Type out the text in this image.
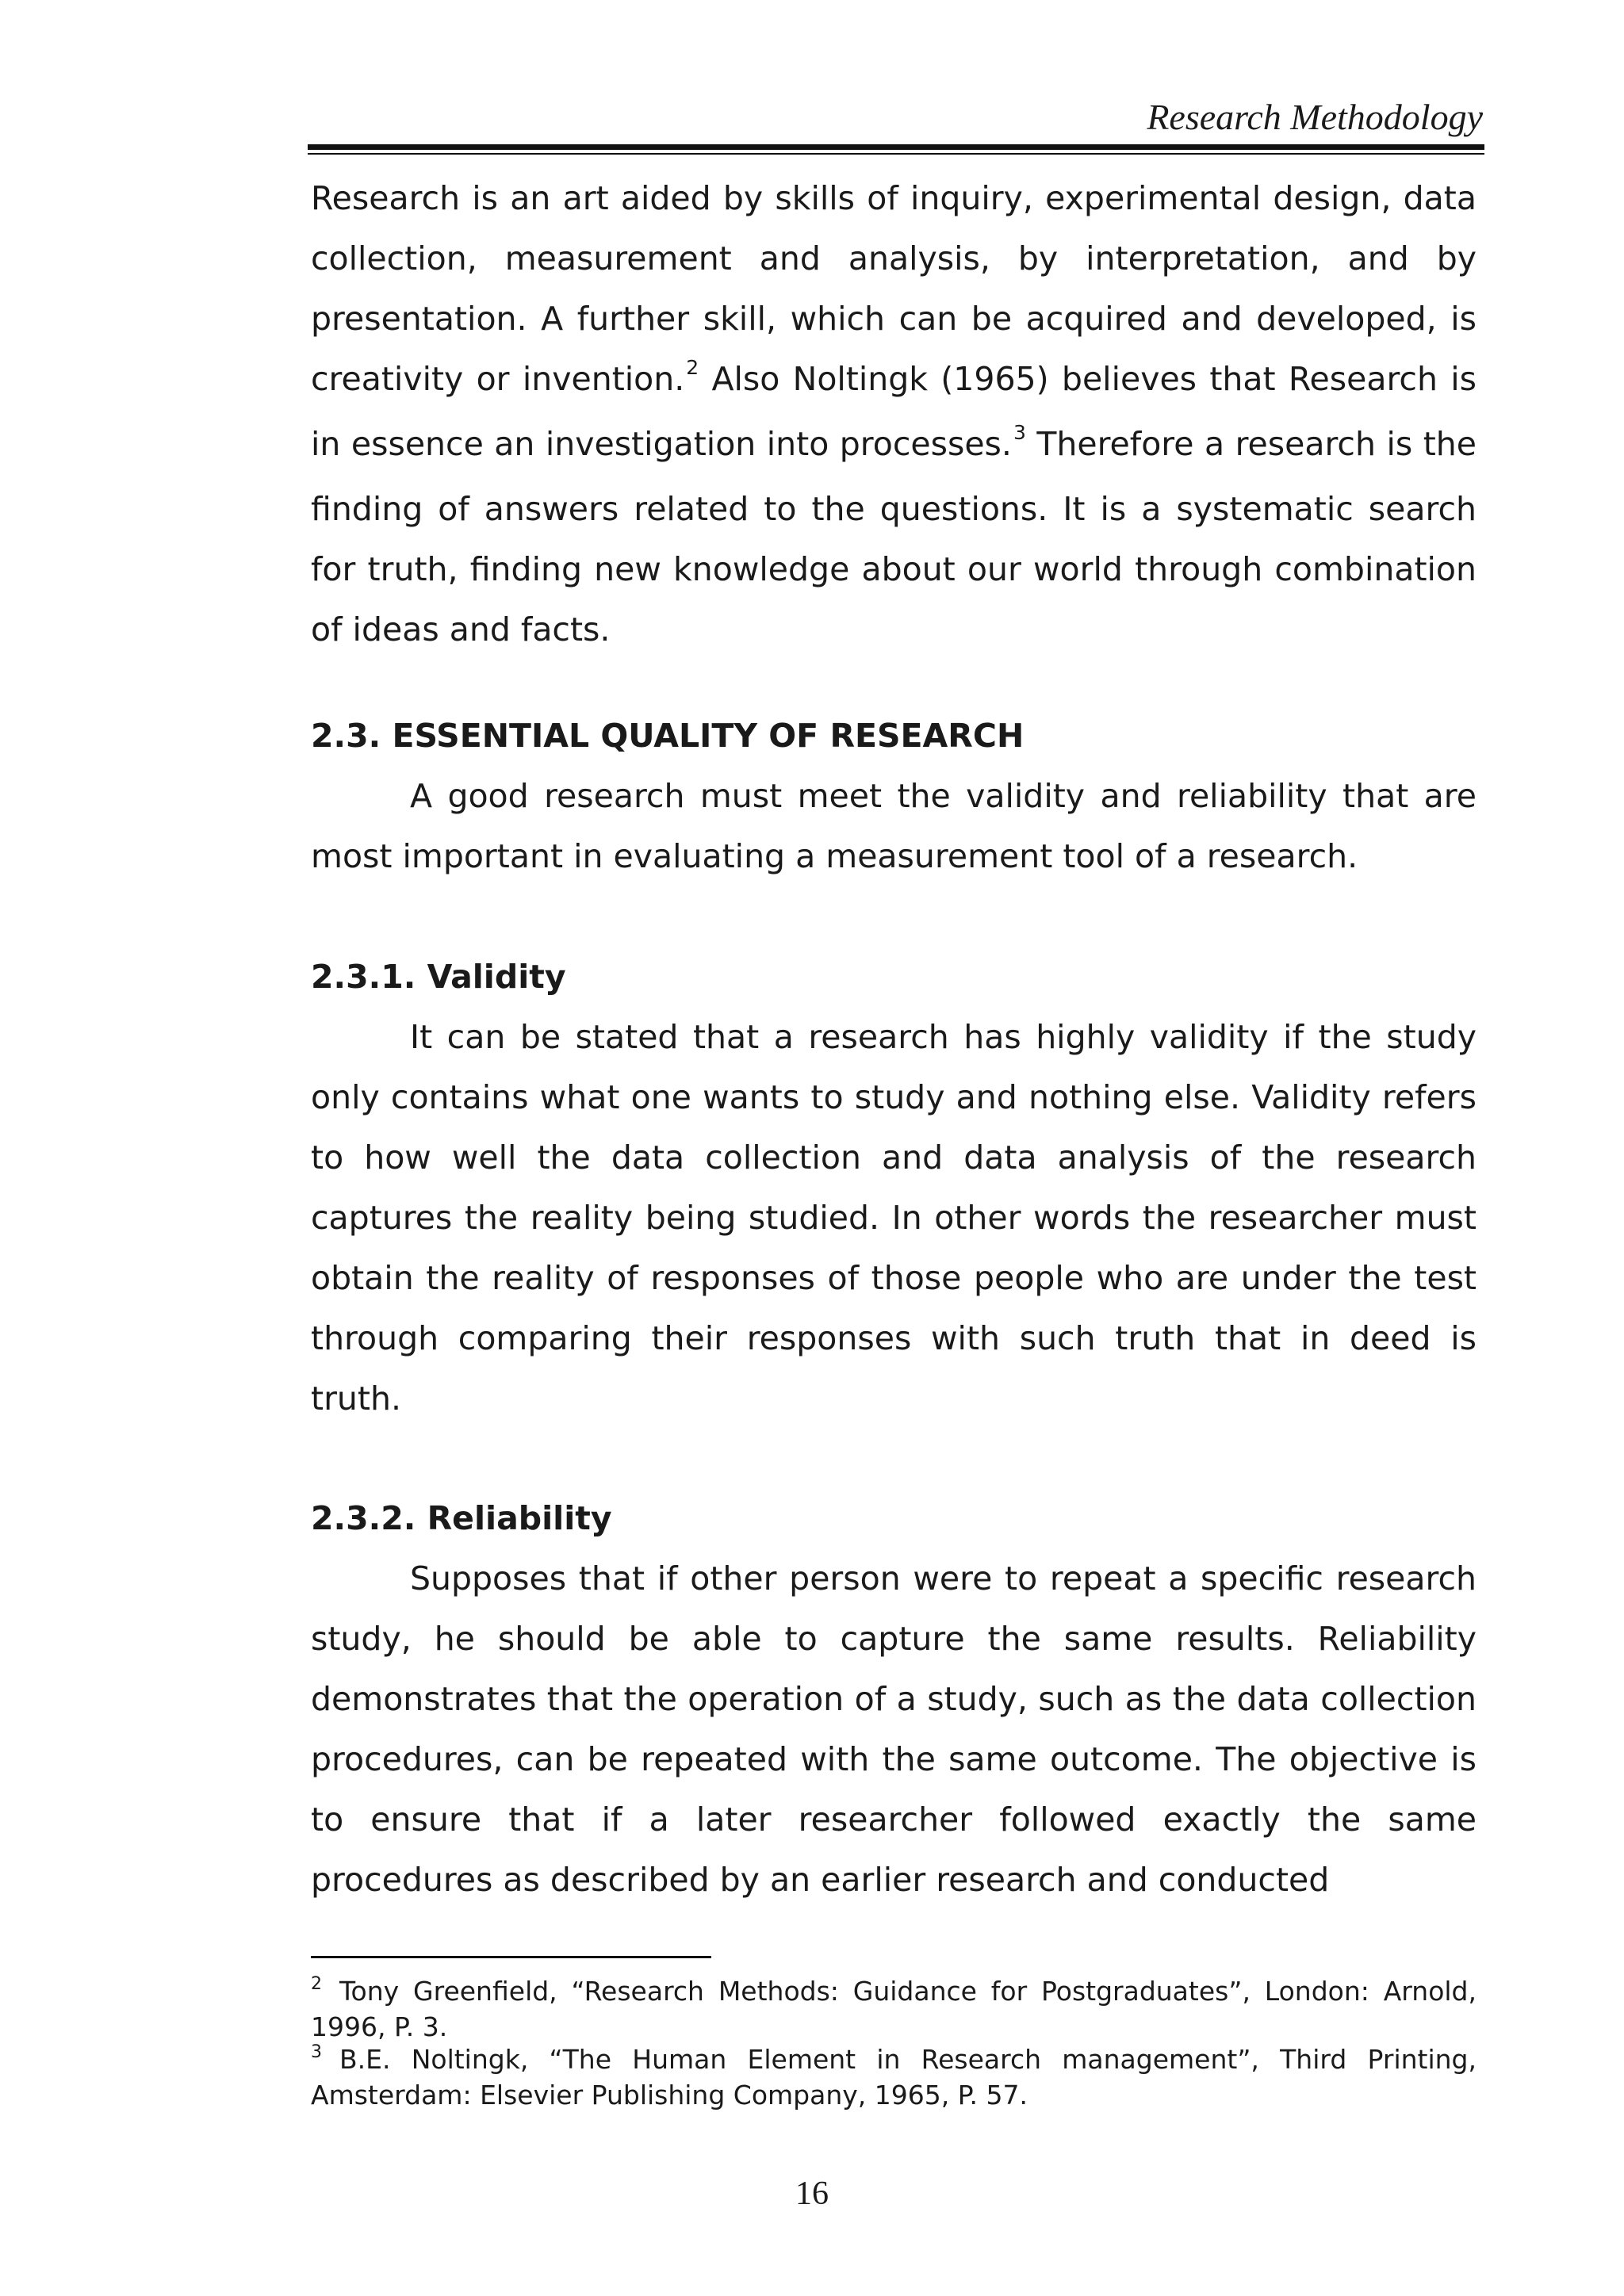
Research Methodology

Research is an art aided by skills of inquiry, experimental design, data collection, measurement and analysis, by interpretation, and by presentation. A further skill, which can be acquired and developed, is creativity or invention.$^2$ Also Noltingk (1965) believes that Research is in essence an investigation into processes.$^3$ Therefore a research is the finding of answers related to the questions. It is a systematic search for truth, finding new knowledge about our world through combination of ideas and facts.

2.3. ESSENTIAL QUALITY OF RESEARCH

A good research must meet the validity and reliability that are most important in evaluating a measurement tool of a research.

2.3.1. Validity

It can be stated that a research has highly validity if the study only contains what one wants to study and nothing else. Validity refers to how well the data collection and data analysis of the research captures the reality being studied. In other words the researcher must obtain the reality of responses of those people who are under the test through comparing their responses with such truth that in deed is truth.

2.3.2. Reliability

Supposes that if other person were to repeat a specific research study, he should be able to capture the same results. Reliability demonstrates that the operation of a study, such as the data collection procedures, can be repeated with the same outcome. The objective is to ensure that if a later researcher followed exactly the same procedures as described by an earlier research and conducted

$^2$ Tony Greenfield, “Research Methods: Guidance for Postgraduates”, London: Arnold, 1996, P. 3.

$^3$ B.E. Noltingk, “The Human Element in Research management”, Third Printing, Amsterdam: Elsevier Publishing Company, 1965, P. 57.

16
